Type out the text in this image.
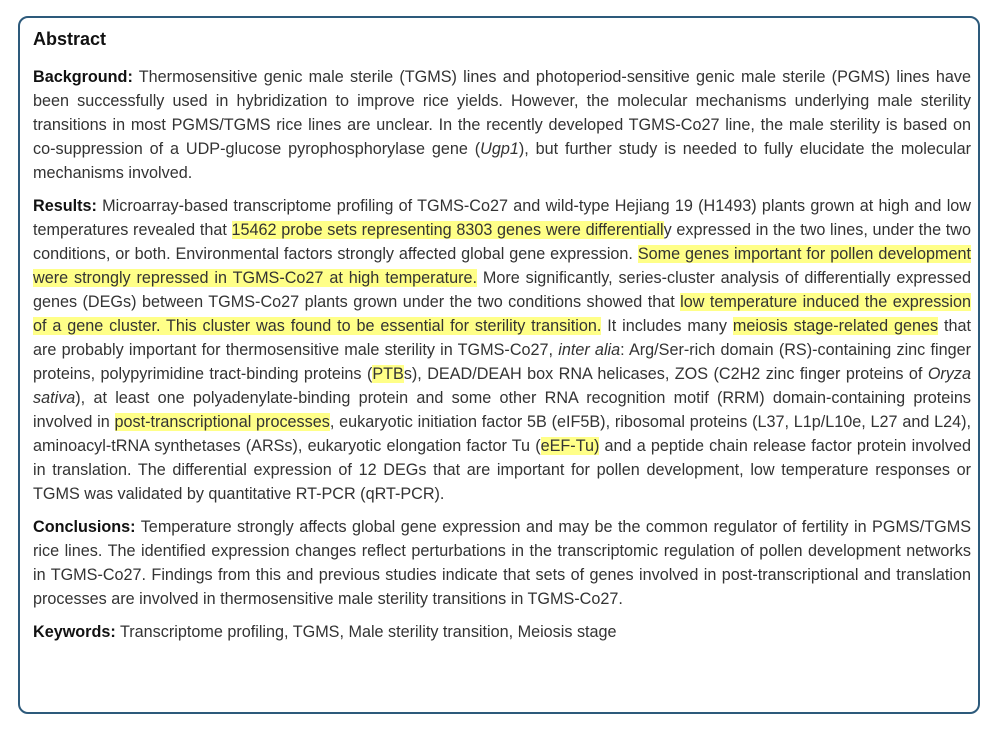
Abstract

Background: Thermosensitive genic male sterile (TGMS) lines and photoperiod-sensitive genic male sterile (PGMS) lines have been successfully used in hybridization to improve rice yields. However, the molecular mechanisms underlying male sterility transitions in most PGMS/TGMS rice lines are unclear. In the recently developed TGMS-Co27 line, the male sterility is based on co-suppression of a UDP-glucose pyrophosphorylase gene (Ugp1), but further study is needed to fully elucidate the molecular mechanisms involved.

Results: Microarray-based transcriptome profiling of TGMS-Co27 and wild-type Hejiang 19 (H1493) plants grown at high and low temperatures revealed that 15462 probe sets representing 8303 genes were differentially expressed in the two lines, under the two conditions, or both. Environmental factors strongly affected global gene expression. Some genes important for pollen development were strongly repressed in TGMS-Co27 at high temperature. More significantly, series-cluster analysis of differentially expressed genes (DEGs) between TGMS-Co27 plants grown under the two conditions showed that low temperature induced the expression of a gene cluster. This cluster was found to be essential for sterility transition. It includes many meiosis stage-related genes that are probably important for thermosensitive male sterility in TGMS-Co27, inter alia: Arg/Ser-rich domain (RS)-containing zinc finger proteins, polypyrimidine tract-binding proteins (PTBs), DEAD/DEAH box RNA helicases, ZOS (C2H2 zinc finger proteins of Oryza sativa), at least one polyadenylate-binding protein and some other RNA recognition motif (RRM) domain-containing proteins involved in post-transcriptional processes, eukaryotic initiation factor 5B (eIF5B), ribosomal proteins (L37, L1p/L10e, L27 and L24), aminoacyl-tRNA synthetases (ARSs), eukaryotic elongation factor Tu (eEF-Tu) and a peptide chain release factor protein involved in translation. The differential expression of 12 DEGs that are important for pollen development, low temperature responses or TGMS was validated by quantitative RT-PCR (qRT-PCR).

Conclusions: Temperature strongly affects global gene expression and may be the common regulator of fertility in PGMS/TGMS rice lines. The identified expression changes reflect perturbations in the transcriptomic regulation of pollen development networks in TGMS-Co27. Findings from this and previous studies indicate that sets of genes involved in post-transcriptional and translation processes are involved in thermosensitive male sterility transitions in TGMS-Co27.

Keywords: Transcriptome profiling, TGMS, Male sterility transition, Meiosis stage
